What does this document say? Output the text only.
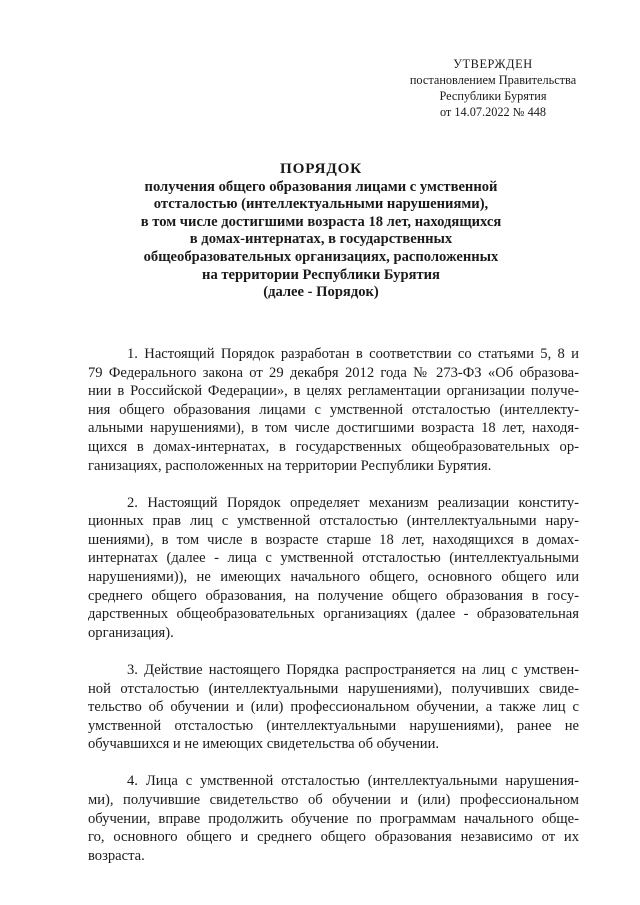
УТВЕРЖДЕН
постановлением Правительства
Республики Бурятия
от 14.07.2022 № 448
ПОРЯДОК
получения общего образования лицами с умственной
отсталостью (интеллектуальными нарушениями),
в том числе достигшими возраста 18 лет, находящихся
в домах-интернатах, в государственных
общеобразовательных организациях, расположенных
на территории Республики Бурятия
(далее - Порядок)
1. Настоящий Порядок разработан в соответствии со статьями 5, 8 и
79 Федерального закона от 29 декабря 2012 года № 273-ФЗ «Об образова-
нии в Российской Федерации», в целях регламентации организации получе-
ния общего образования лицами с умственной отсталостью (интеллекту-
альными нарушениями), в том числе достигшими возраста 18 лет, находя-
щихся в домах-интернатах, в государственных общеобразовательных ор-
ганизациях, расположенных на территории Республики Бурятия.
2. Настоящий Порядок определяет механизм реализации конститу-
ционных прав лиц с умственной отсталостью (интеллектуальными нару-
шениями), в том числе в возрасте старше 18 лет, находящихся в домах-
интернатах (далее - лица с умственной отсталостью (интеллектуальными
нарушениями)), не имеющих начального общего, основного общего или
среднего общего образования, на получение общего образования в госу-
дарственных общеобразовательных организациях (далее - образовательная
организация).
3. Действие настоящего Порядка распространяется на лиц с умствен-
ной отсталостью (интеллектуальными нарушениями), получивших свиде-
тельство об обучении и (или) профессиональном обучении, а также лиц с
умственной отсталостью (интеллектуальными нарушениями), ранее не
обучавшихся и не имеющих свидетельства об обучении.
4. Лица с умственной отсталостью (интеллектуальными нарушения-
ми), получившие свидетельство об обучении и (или) профессиональном
обучении, вправе продолжить обучение по программам начального обще-
го, основного общего и среднего общего образования независимо от их
возраста.
